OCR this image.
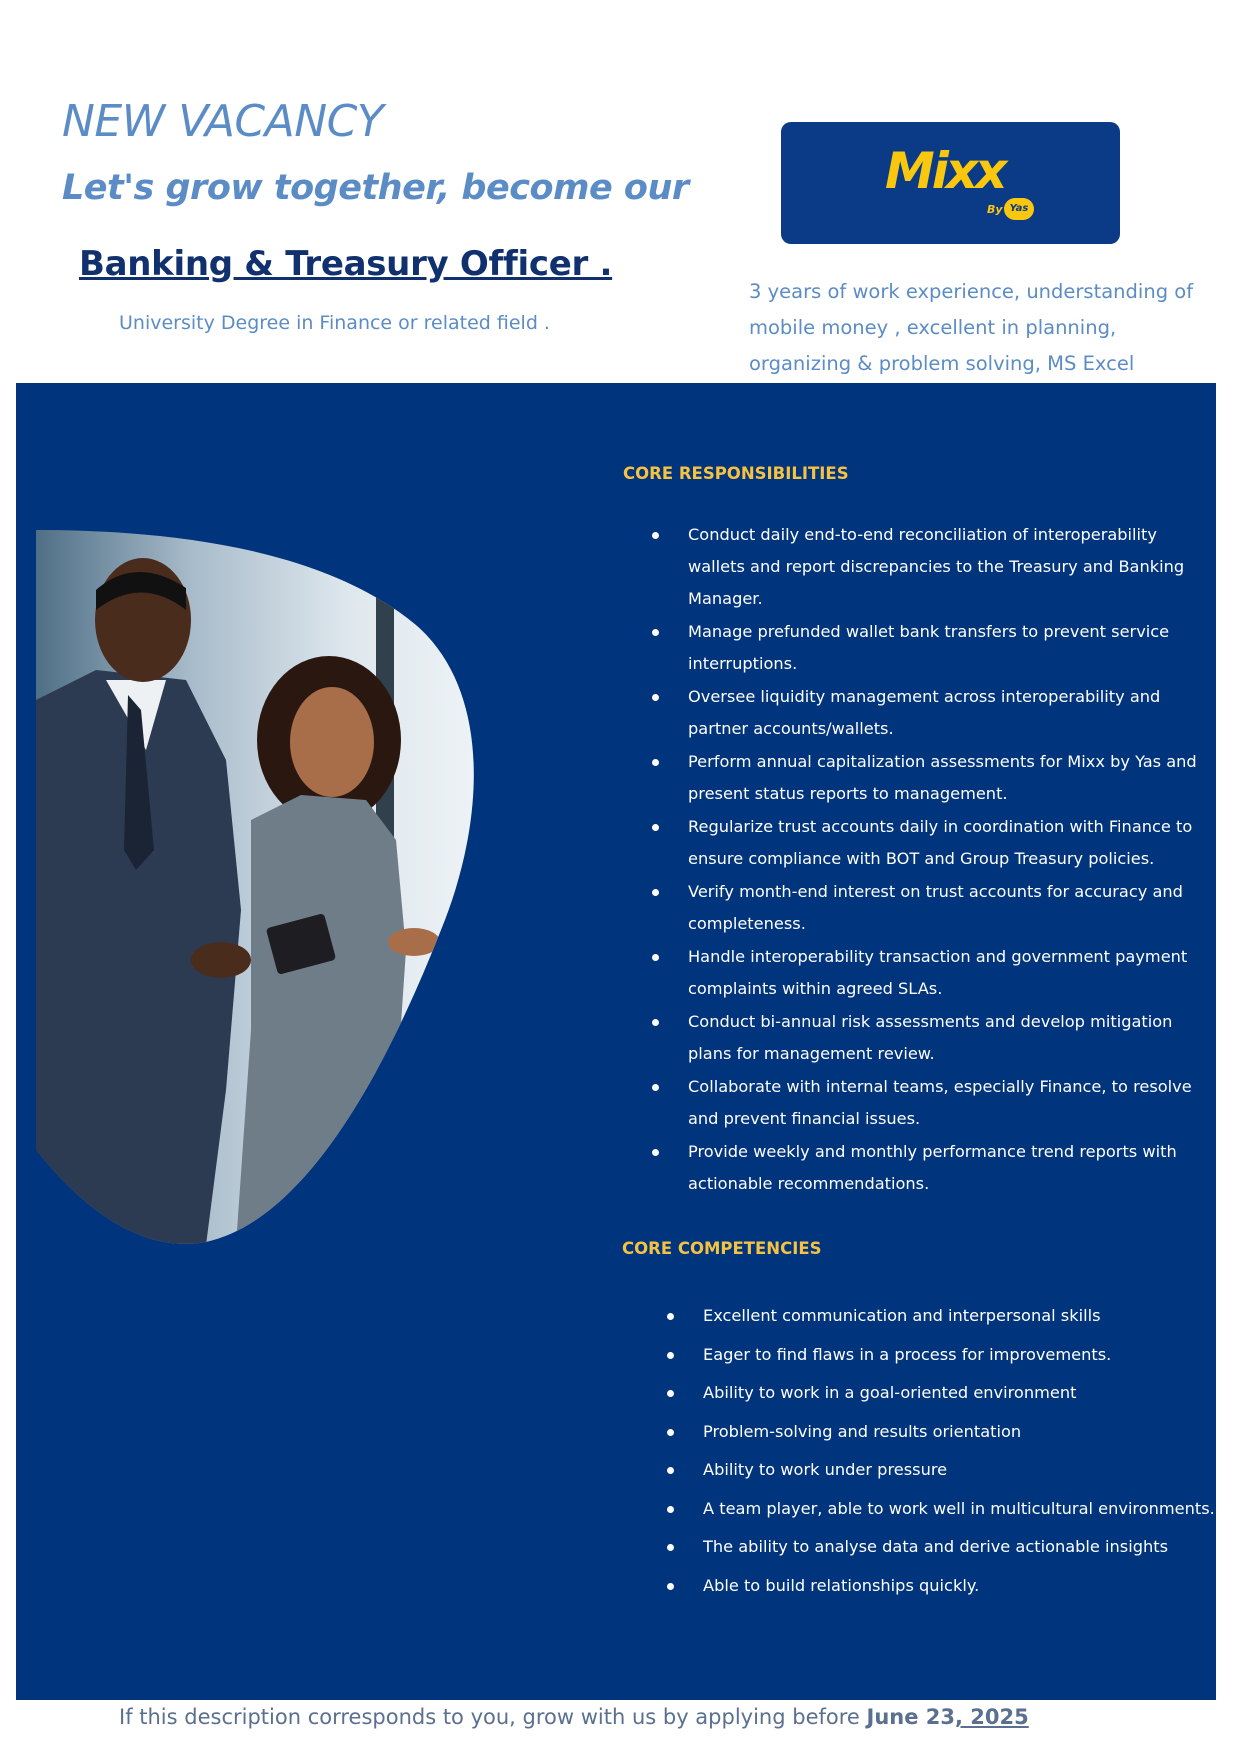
NEW VACANCY
Let's grow together, become our
Banking & Treasury Officer .

University Degree in Finance or related field .

Mixx
By Yas

3 years of work experience, understanding of mobile money , excellent in planning, organizing & problem solving, MS Excel

CORE RESPONSIBILITIES
Conduct daily end-to-end reconciliation of interoperability wallets and report discrepancies to the Treasury and Banking Manager.
Manage prefunded wallet bank transfers to prevent service interruptions.
Oversee liquidity management across interoperability and partner accounts/wallets.
Perform annual capitalization assessments for Mixx by Yas and present status reports to management.
Regularize trust accounts daily in coordination with Finance to ensure compliance with BOT and Group Treasury policies.
Verify month-end interest on trust accounts for accuracy and completeness.
Handle interoperability transaction and government payment complaints within agreed SLAs.
Conduct bi-annual risk assessments and develop mitigation plans for management review.
Collaborate with internal teams, especially Finance, to resolve and prevent financial issues.
Provide weekly and monthly performance trend reports with actionable recommendations.
CORE COMPETENCIES
Excellent communication and interpersonal skills
Eager to find flaws in a process for improvements.
Ability to work in a goal-oriented environment
Problem-solving and results orientation
Ability to work under pressure
A team player, able to work well in multicultural environments.
The ability to analyse data and derive actionable insights
Able to build relationships quickly.

If this description corresponds to you, grow with us by applying before June 23, 2025
